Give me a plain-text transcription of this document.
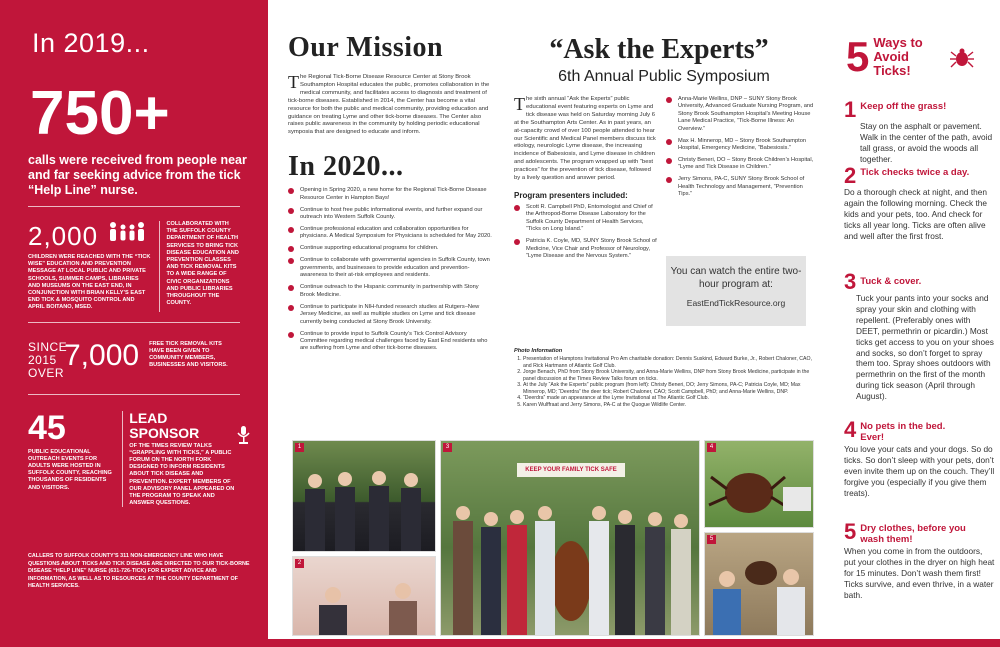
In 2019...
750+
calls were received from people near and far seeking advice from the tick “Help Line” nurse.
2,000
CHILDREN WERE REACHED WITH THE “TICK WISE” EDUCATION AND PREVENTION MESSAGE AT LOCAL PUBLIC AND PRIVATE SCHOOLS, SUMMER CAMPS, LIBRARIES AND MUSEUMS ON THE EAST END, IN CONJUNCTION WITH BRIAN KELLY’S EAST END TICK & MOSQUITO CONTROL AND APRIL BOITANO, MSED.
COLLABORATED WITH THE SUFFOLK COUNTY DEPARTMENT OF HEALTH SERVICES TO BRING TICK DISEASE EDUCATION AND PREVENTION CLASSES AND TICK REMOVAL KITS TO A WIDE RANGE OF CIVIC ORGANIZATIONS AND PUBLIC LIBRARIES THROUGHOUT THE COUNTY.
SINCE 2015 OVER
7,000 FREE TICK REMOVAL KITS HAVE BEEN GIVEN TO COMMUNITY MEMBERS, BUSINESSES AND VISITORS.
45
PUBLIC EDUCATIONAL OUTREACH EVENTS FOR ADULTS WERE HOSTED IN SUFFOLK COUNTY, REACHING THOUSANDS OF RESIDENTS AND VISITORS.
LEAD SPONSOR
OF THE TIMES REVIEW TALKS “GRAPPLING WITH TICKS,” A PUBLIC FORUM ON THE NORTH FORK DESIGNED TO INFORM RESIDENTS ABOUT TICK DISEASE AND PREVENTION. EXPERT MEMBERS OF OUR ADVISORY PANEL APPEARED ON THE PROGRAM TO SPEAK AND ANSWER QUESTIONS.
CALLERS TO SUFFOLK COUNTY’S 311 NON-EMERGENCY LINE WHO HAVE QUESTIONS ABOUT TICKS AND TICK DISEASE ARE DIRECTED TO OUR TICK-BORNE DISEASE “HELP LINE” NURSE (631-726-TICK) FOR EXPERT ADVICE AND INFORMATION, AS WELL AS TO RESOURCES AT THE COUNTY DEPARTMENT OF HEALTH SERVICES.
Our Mission
The Regional Tick-Borne Disease Resource Center at Stony Brook Southampton Hospital educates the public, promotes collaboration in the medical community, and facilitates access to diagnosis and treatment of tick-borne diseases. Established in 2014, the Center has become a vital resource for both the public and medical community, providing education and guidance on treating Lyme and other tick-borne diseases. The Center also raises public awareness in the community by holding periodic educational symposia that are designed to educate and inform.
In 2020...
Opening in Spring 2020, a new home for the Regional Tick-Borne Disease Resource Center in Hampton Bays!
Continue to host free public informational events, and further expand our outreach into Western Suffolk County.
Continue professional education and collaboration opportunities for physicians. A Medical Symposium for Physicians is scheduled for May 2020.
Continue supporting educational programs for children.
Continue to collaborate with governmental agencies in Suffolk County, town governments, and businesses to provide education and prevention-awareness to their at-risk employees and residents.
Continue outreach to the Hispanic community in partnership with Stony Brook Medicine.
Continue to participate in NIH-funded research studies at Rutgers–New Jersey Medicine, as well as multiple studies on Lyme and tick disease currently being conducted at Stony Brook University.
Continue to provide input to Suffolk County’s Tick Control Advisory Committee regarding medical challenges faced by East End residents who are suffering from Lyme and other tick-borne diseases.
“Ask the Experts”
6th Annual Public Symposium
The sixth annual “Ask the Experts” public educational event featuring experts on Lyme and tick disease was held on Saturday morning July 6 at the Southampton Arts Center. As in past years, an at-capacity crowd of over 100 people attended to hear our Scientific and Medical Panel members discuss tick etiology, neurologic Lyme disease, the increasing incidence of Babesiosis, and Lyme disease in children and adolescents. The program wrapped up with “best practices” for the prevention of tick disease, followed by a lively question and answer period.
Program presenters included:
Scott R. Campbell PhD, Entomologist and Chief of the Arthropod-Borne Disease Laboratory for the Suffolk County Department of Health Services, “Ticks on Long Island.”
Patricia K. Coyle, MD, SUNY Stony Brook School of Medicine, Vice Chair and Professor of Neurology, “Lyme Disease and the Nervous System.”
Anna-Marie Wellins, DNP – SUNY Stony Brook University, Advanced Graduate Nursing Program, and Stony Brook Southampton Hospital’s Meeting House Lane Medical Practice, “Tick-Borne Illness: An Overview.”
Max H. Minnerop, MD – Stony Brook Southampton Hospital, Emergency Medicine, “Babesiosis.”
Christy Beneri, DO – Stony Brook Children’s Hospital, “Lyme and Tick Disease in Children.”
Jerry Simons, PA-C, SUNY Stony Brook School of Health Technology and Management, “Prevention Tips.”
You can watch the entire two-hour program at:
EastEndTickResource.org
Photo Information
1. Presentation of Hamptons Invitational Pro Am charitable donation: Dennis Suskind, Edward Burke, Jr., Robert Chaloner, CAO, and Rick Hartmann of Atlantic Golf Club.
2. Jorge Benach, PhD from Stony Brook University, and Anna-Marie Wellins, DNP from Stony Brook Medicine, participate in the panel discussion at the Times Review Talks forum on ticks.
3. At the July “Ask the Experts” public program (from left): Christy Beneri, DO; Jerry Simons, PA-C; Patricia Coyle, MD; Max Minnerop, MD; “Deerdra” the deer tick; Robert Chaloner, CAO; Scott Campbell, PhD; and Anna-Marie Wellins, DNP.
4. “Deerdra” made an appearance at the Lyme Invitational at The Atlantic Golf Club.
5. Karen Wulffraat and Jerry Simons, PA-C at the Quogue Wildlife Center.
1
2
3
KEEP YOUR FAMILY TICK SAFE
4
5
5 Ways to Avoid Ticks!
1 Keep off the grass!
Stay on the asphalt or pavement. Walk in the center of the path, avoid tall grass, or avoid the woods all together.
2 Tick checks twice a day.
Do a thorough check at night, and then again the following morning. Check the kids and your pets, too. And check for ticks all year long. Ticks are often alive and well after the first frost.
3 Tuck & cover.
Tuck your pants into your socks and spray your skin and clothing with repellent. (Preferably ones with DEET, permethrin or picardin.) Most ticks get access to you on your shoes and socks, so don’t forget to spray them too. Spray shoes outdoors with permethrin on the first of the month during tick season (April through August).
4 No pets in the bed. Ever!
You love your cats and your dogs. So do ticks. So don’t sleep with your pets, don’t even invite them up on the couch. They’ll forgive you (especially if you give them treats).
5 Dry clothes, before you wash them!
When you come in from the outdoors, put your clothes in the dryer on high heat for 15 minutes. Don’t wash them first! Ticks survive, and even thrive, in a water bath.
